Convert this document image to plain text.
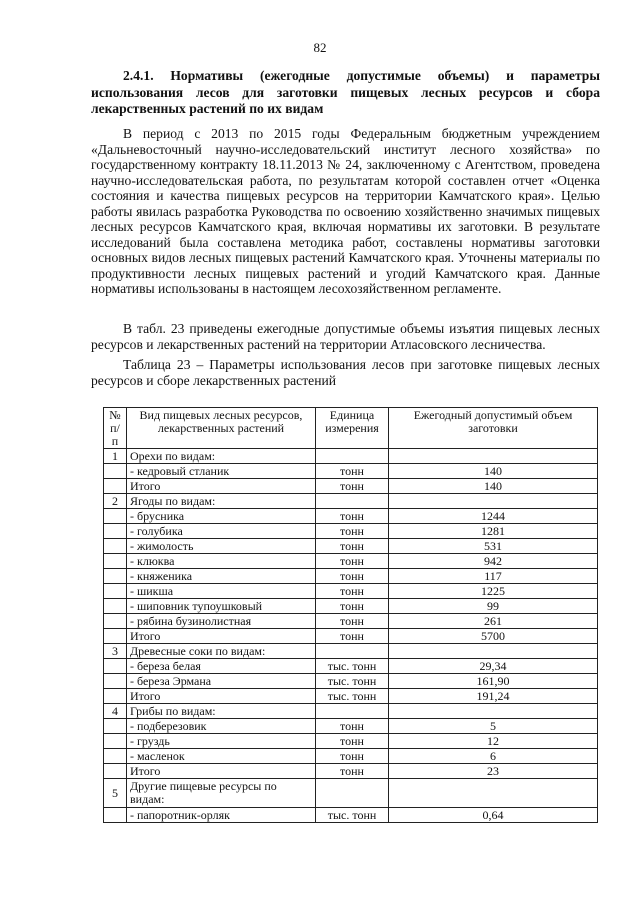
82
2.4.1. Нормативы (ежегодные допустимые объемы) и параметры использования лесов для заготовки пищевых лесных ресурсов и сбора лекарственных растений по их видам

В период с 2013 по 2015 годы Федеральным бюджетным учреждением «Дальневосточный научно-исследовательский институт лесного хозяйства» по государственному контракту 18.11.2013 № 24, заключенному с Агентством, проведена научно-исследовательская работа, по результатам которой составлен отчет «Оценка состояния и качества пищевых ресурсов на территории Камчатского края». Целью работы явилась разработка Руководства по освоению хозяйственно значимых пищевых лесных ресурсов Камчатского края, включая нормативы их заготовки. В результате исследований была составлена методика работ, составлены нормативы заготовки основных видов лесных пищевых растений Камчатского края. Уточнены материалы по продуктивности лесных пищевых растений и угодий Камчатского края. Данные нормативы использованы в настоящем лесохозяйственном регламенте.

В табл. 23 приведены ежегодные допустимые объемы изъятия пищевых лесных ресурсов и лекарственных растений на территории Атласовского лесничества.

Таблица 23 – Параметры использования лесов при заготовке пищевых лесных ресурсов и сборе лекарственных растений

№ п/п	Вид пищевых лесных ресурсов, лекарственных растений	Единица измерения	Ежегодный допустимый объем заготовки
1	Орехи по видам:		
	- кедровый стланик	тонн	140
	Итого	тонн	140
2	Ягоды по видам:		
	- брусника	тонн	1244
	- голубика	тонн	1281
	- жимолость	тонн	531
	- клюква	тонн	942
	- княженика	тонн	117
	- шикша	тонн	1225
	- шиповник тупоушковый	тонн	99
	- рябина бузинолистная	тонн	261
	Итого	тонн	5700
3	Древесные соки по видам:		
	- береза белая	тыс. тонн	29,34
	- береза Эрмана	тыс. тонн	161,90
	Итого	тыс. тонн	191,24
4	Грибы по видам:		
	- подберезовик	тонн	5
	- груздь	тонн	12
	- масленок	тонн	6
	Итого	тонн	23
5	Другие пищевые ресурсы по видам:		
	- папоротник-орляк	тыс. тонн	0,64
